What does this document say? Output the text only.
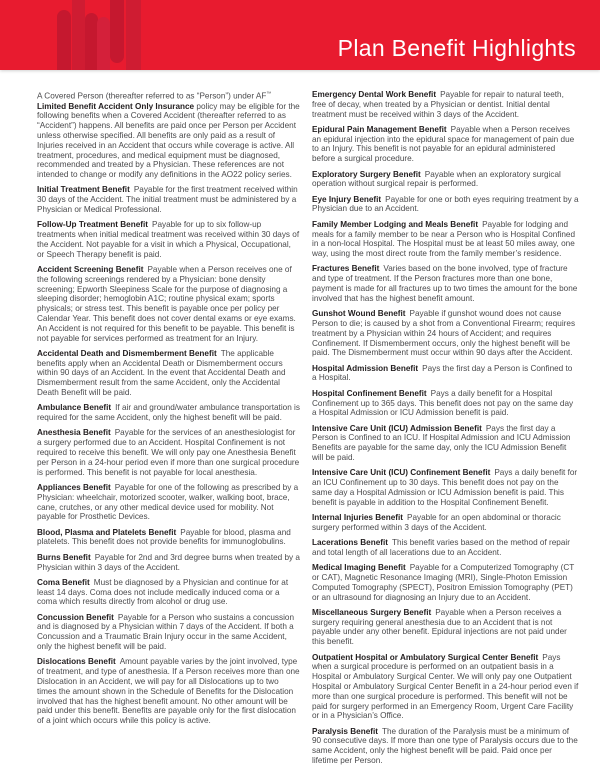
Plan Benefit Highlights

A Covered Person (thereafter referred to as “Person”) under AF™ Limited Benefit Accident Only Insurance policy may be eligible for the following benefits when a Covered Accident (thereafter referred to as “Accident”) happens. All benefits are paid once per Person per Accident unless otherwise specified. All benefits are only paid as a result of Injuries received in an Accident that occurs while coverage is active. All treatment, procedures, and medical equipment must be diagnosed, recommended and treated by a Physician. These references are not intended to change or modify any definitions in the AO22 policy series.

Initial Treatment Benefit Payable for the first treatment received within 30 days of the Accident. The initial treatment must be administered by a Physician or Medical Professional.

Follow-Up Treatment Benefit Payable for up to six follow-up treatments when initial medical treatment was received within 30 days of the Accident. Not payable for a visit in which a Physical, Occupational, or Speech Therapy benefit is paid.

Accident Screening Benefit Payable when a Person receives one of the following screenings rendered by a Physician: bone density screening; Epworth Sleepiness Scale for the purpose of diagnosing a sleeping disorder; hemoglobin A1C; routine physical exam; sports physicals; or stress test. This benefit is payable once per policy per Calendar Year. This benefit does not cover dental exams or eye exams. An Accident is not required for this benefit to be payable. This benefit is not payable for services performed as treatment for an Injury.

Accidental Death and Dismemberment Benefit The applicable benefits apply when an Accidental Death or Dismemberment occurs within 90 days of an Accident. In the event that Accidental Death and Dismemberment result from the same Accident, only the Accidental Death Benefit will be paid.

Ambulance Benefit If air and ground/water ambulance transportation is required for the same Accident, only the highest benefit will be paid.

Anesthesia Benefit Payable for the services of an anesthesiologist for a surgery performed due to an Accident. Hospital Confinement is not required to receive this benefit. We will only pay one Anesthesia Benefit per Person in a 24-hour period even if more than one surgical procedure is performed. This benefit is not payable for local anesthesia.

Appliances Benefit Payable for one of the following as prescribed by a Physician: wheelchair, motorized scooter, walker, walking boot, brace, cane, crutches, or any other medical device used for mobility. Not payable for Prosthetic Devices.

Blood, Plasma and Platelets Benefit Payable for blood, plasma and platelets. This benefit does not provide benefits for immunoglobulins.

Burns Benefit Payable for 2nd and 3rd degree burns when treated by a Physician within 3 days of the Accident.

Coma Benefit Must be diagnosed by a Physician and continue for at least 14 days. Coma does not include medically induced coma or a coma which results directly from alcohol or drug use.

Concussion Benefit Payable for a Person who sustains a concussion and is diagnosed by a Physician within 7 days of the Accident. If both a Concussion and a Traumatic Brain Injury occur in the same Accident, only the highest benefit will be paid.

Dislocations Benefit Amount payable varies by the joint involved, type of treatment, and type of anesthesia. If a Person receives more than one Dislocation in an Accident, we will pay for all Dislocations up to two times the amount shown in the Schedule of Benefits for the Dislocation involved that has the highest benefit amount. No other amount will be paid under this benefit. Benefits are payable only for the first dislocation of a joint which occurs while this policy is active.

Emergency Dental Work Benefit Payable for repair to natural teeth, free of decay, when treated by a Physician or dentist. Initial dental treatment must be received within 3 days of the Accident.

Epidural Pain Management Benefit Payable when a Person receives an epidural injection into the epidural space for management of pain due to an Injury. This benefit is not payable for an epidural administered before a surgical procedure.

Exploratory Surgery Benefit Payable when an exploratory surgical operation without surgical repair is performed.

Eye Injury Benefit Payable for one or both eyes requiring treatment by a Physician due to an Accident.

Family Member Lodging and Meals Benefit Payable for lodging and meals for a family member to be near a Person who is Hospital Confined in a non-local Hospital. The Hospital must be at least 50 miles away, one way, using the most direct route from the family member’s residence.

Fractures Benefit Varies based on the bone involved, type of fracture and type of treatment. If the Person fractures more than one bone, payment is made for all fractures up to two times the amount for the bone involved that has the highest benefit amount.

Gunshot Wound Benefit Payable if gunshot wound does not cause Person to die; is caused by a shot from a Conventional Firearm; requires treatment by a Physician within 24 hours of Accident; and requires Confinement. If Dismemberment occurs, only the highest benefit will be paid. The Dismemberment must occur within 90 days after the Accident.

Hospital Admission Benefit Pays the first day a Person is Confined to a Hospital.

Hospital Confinement Benefit Pays a daily benefit for a Hospital Confinement up to 365 days. This benefit does not pay on the same day a Hospital Admission or ICU Admission benefit is paid.

Intensive Care Unit (ICU) Admission Benefit Pays the first day a Person is Confined to an ICU. If Hospital Admission and ICU Admission Benefits are payable for the same day, only the ICU Admission Benefit will be paid.

Intensive Care Unit (ICU) Confinement Benefit Pays a daily benefit for an ICU Confinement up to 30 days. This benefit does not pay on the same day a Hospital Admission or ICU Admission benefit is paid. This benefit is payable in addition to the Hospital Confinement Benefit.

Internal Injuries Benefit Payable for an open abdominal or thoracic surgery performed within 3 days of the Accident.

Lacerations Benefit This benefit varies based on the method of repair and total length of all lacerations due to an Accident.

Medical Imaging Benefit Payable for a Computerized Tomography (CT or CAT), Magnetic Resonance Imaging (MRI), Single-Photon Emission Computed Tomography (SPECT), Positron Emission Tomography (PET) or an ultrasound for diagnosing an Injury due to an Accident.

Miscellaneous Surgery Benefit Payable when a Person receives a surgery requiring general anesthesia due to an Accident that is not payable under any other benefit. Epidural injections are not paid under this benefit.

Outpatient Hospital or Ambulatory Surgical Center Benefit Pays when a surgical procedure is performed on an outpatient basis in a Hospital or Ambulatory Surgical Center. We will only pay one Outpatient Hospital or Ambulatory Surgical Center Benefit in a 24-hour period even if more than one surgical procedure is performed. This benefit will not be paid for surgery performed in an Emergency Room, Urgent Care Facility or in a Physician’s Office.

Paralysis Benefit The duration of the Paralysis must be a minimum of 90 consecutive days. If more than one type of Paralysis occurs due to the same Accident, only the highest benefit will be paid. Paid once per lifetime per Person.
